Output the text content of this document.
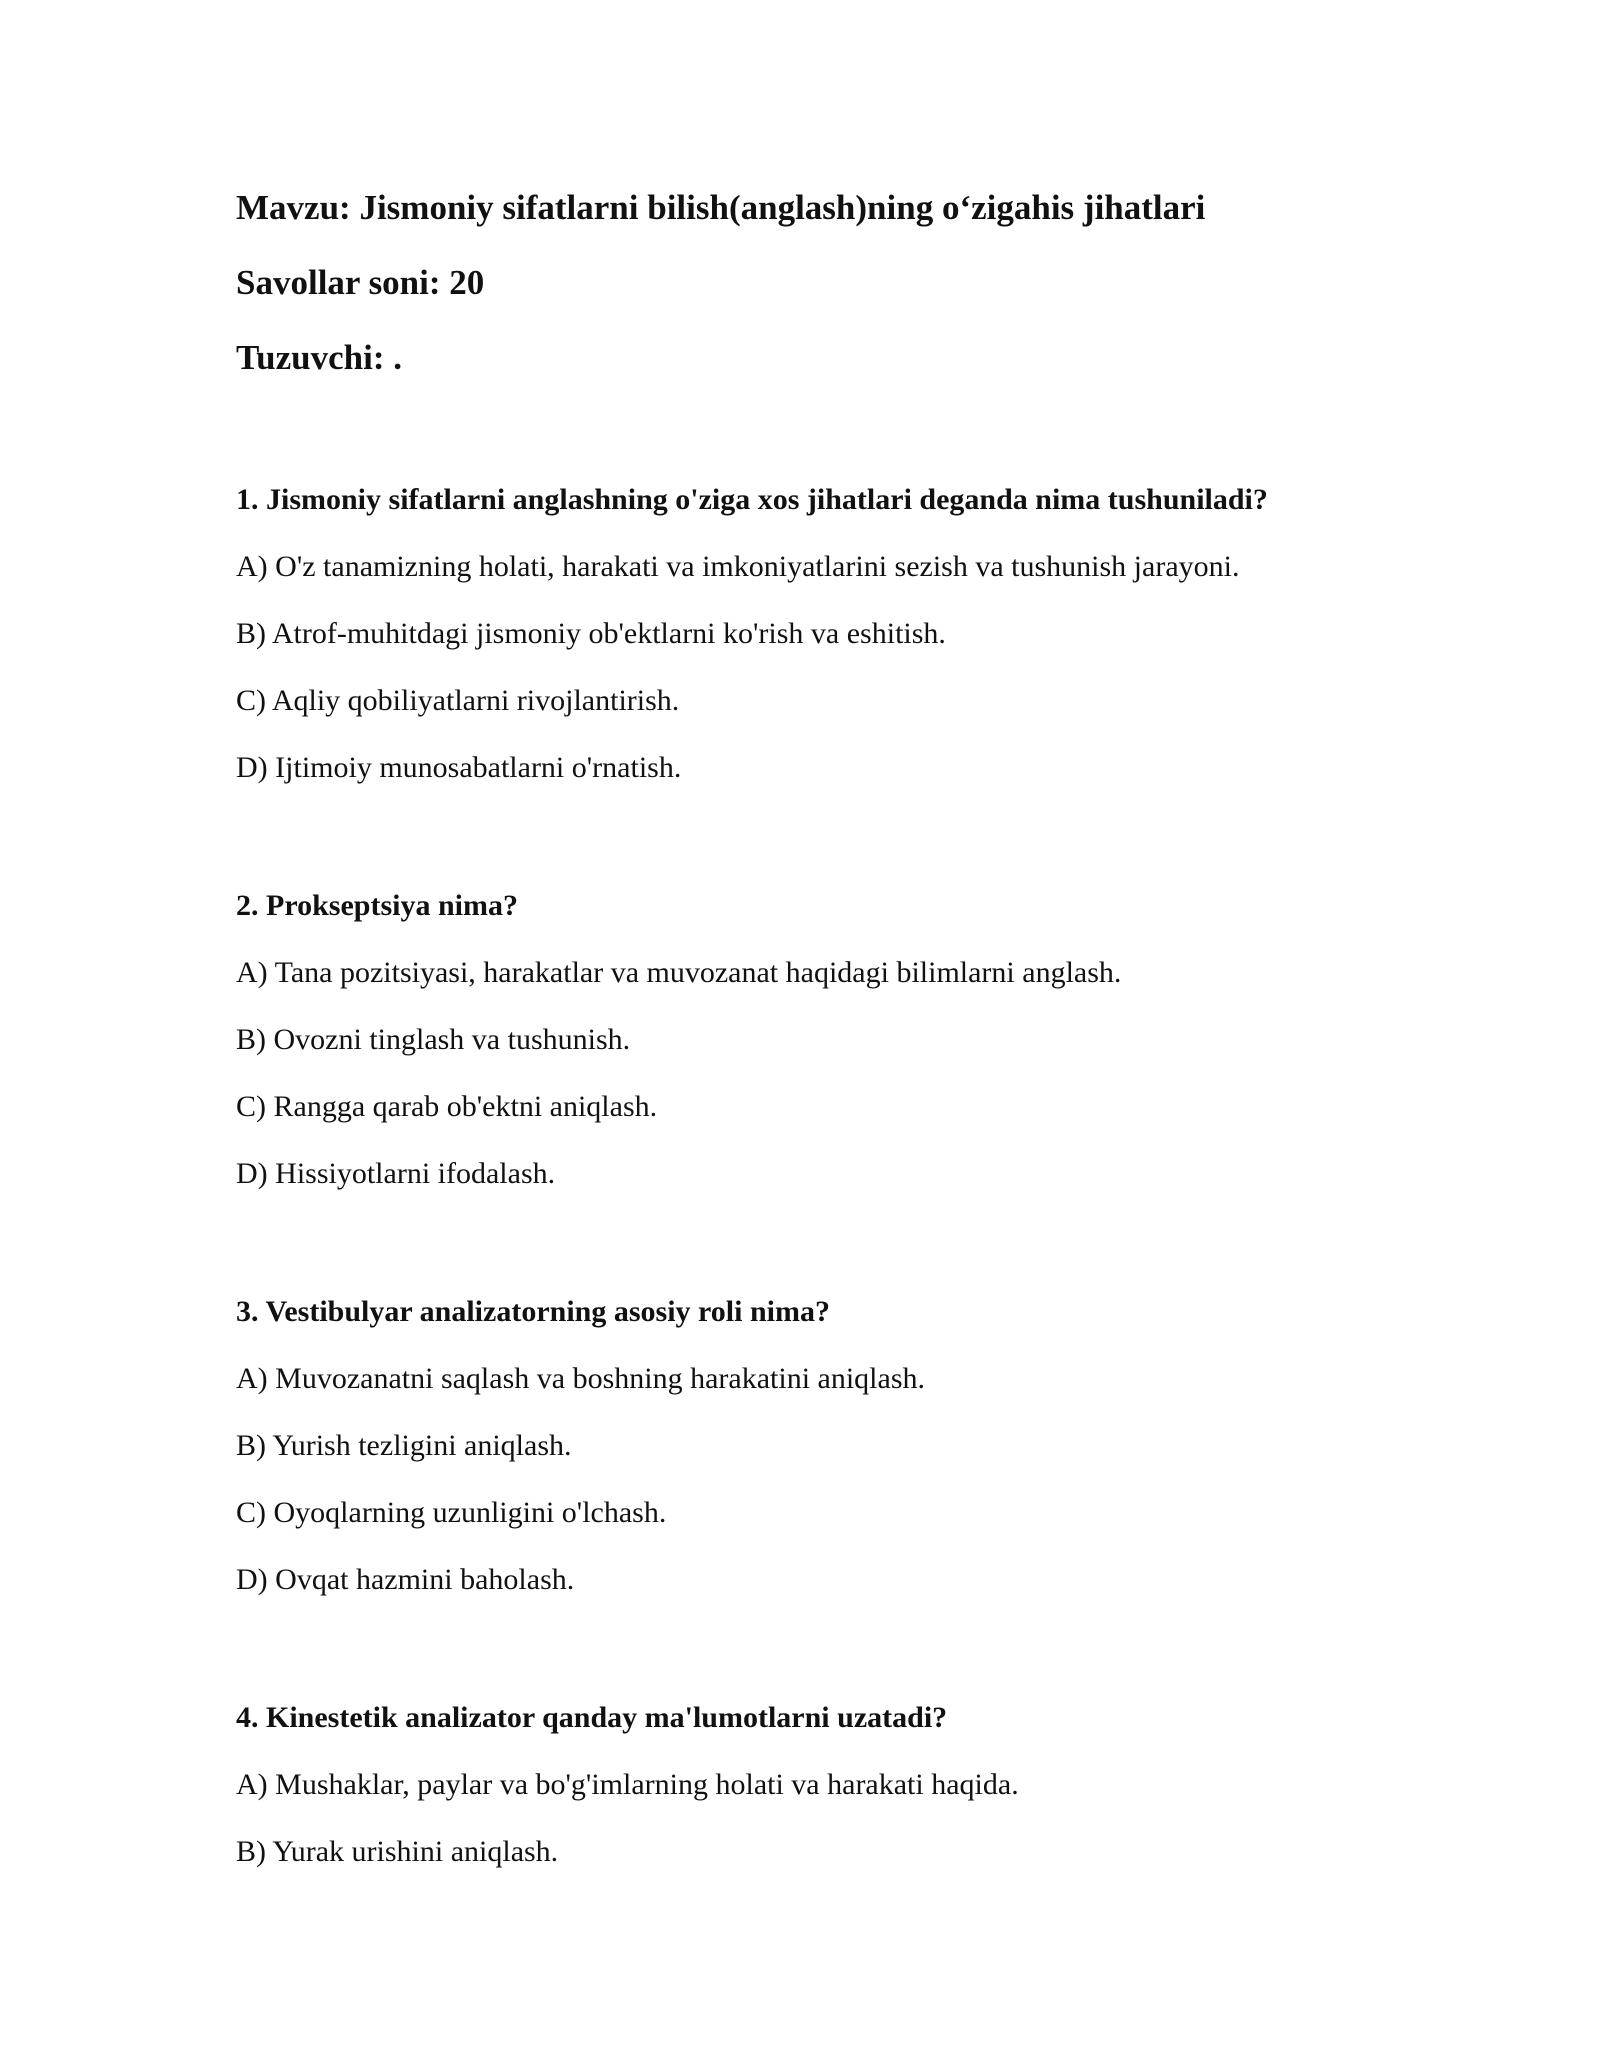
Mavzu: Jismoniy sifatlarni bilish(anglash)ning o‘zigahis jihatlari
Savollar soni: 20
Tuzuvchi: .
1. Jismoniy sifatlarni anglashning o'ziga xos jihatlari deganda nima tushuniladi?
A) O'z tanamizning holati, harakati va imkoniyatlarini sezish va tushunish jarayoni.
B) Atrof-muhitdagi jismoniy ob'ektlarni ko'rish va eshitish.
C) Aqliy qobiliyatlarni rivojlantirish.
D) Ijtimoiy munosabatlarni o'rnatish.
2. Prokseptsiya nima?
A) Tana pozitsiyasi, harakatlar va muvozanat haqidagi bilimlarni anglash.
B) Ovozni tinglash va tushunish.
C) Rangga qarab ob'ektni aniqlash.
D) Hissiyotlarni ifodalash.
3. Vestibulyar analizatorning asosiy roli nima?
A) Muvozanatni saqlash va boshning harakatini aniqlash.
B) Yurish tezligini aniqlash.
C) Oyoqlarning uzunligini o'lchash.
D) Ovqat hazmini baholash.
4. Kinestetik analizator qanday ma'lumotlarni uzatadi?
A) Mushaklar, paylar va bo'g'imlarning holati va harakati haqida.
B) Yurak urishini aniqlash.
